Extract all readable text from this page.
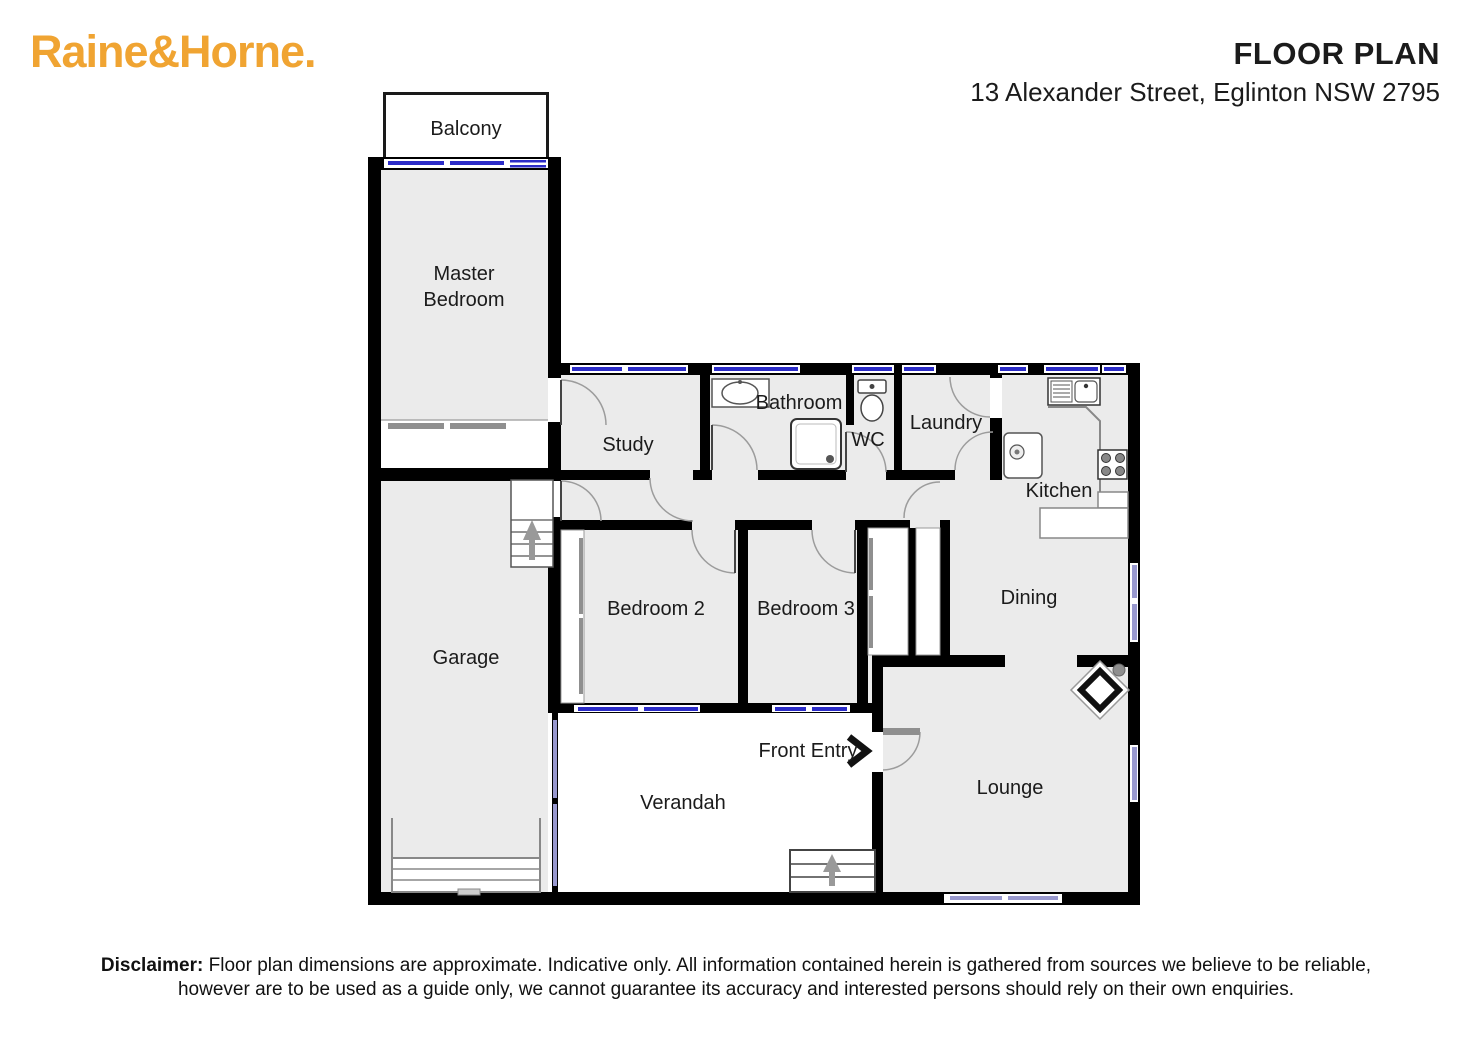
Raine&Horne.	FLOOR PLAN
13 Alexander Street, Eglinton NSW 2795
Balcony
Master
Bedroom
Study
Bathroom
WC
Laundry
Kitchen
Bedroom 2	Bedroom 3	Dining
Garage
Front Entry
Verandah
Lounge
Disclaimer: Floor plan dimensions are approximate. Indicative only. All information contained herein is gathered from sources we believe to be reliable,
however are to be used as a guide only, we cannot guarantee its accuracy and interested persons should rely on their own enquiries.
